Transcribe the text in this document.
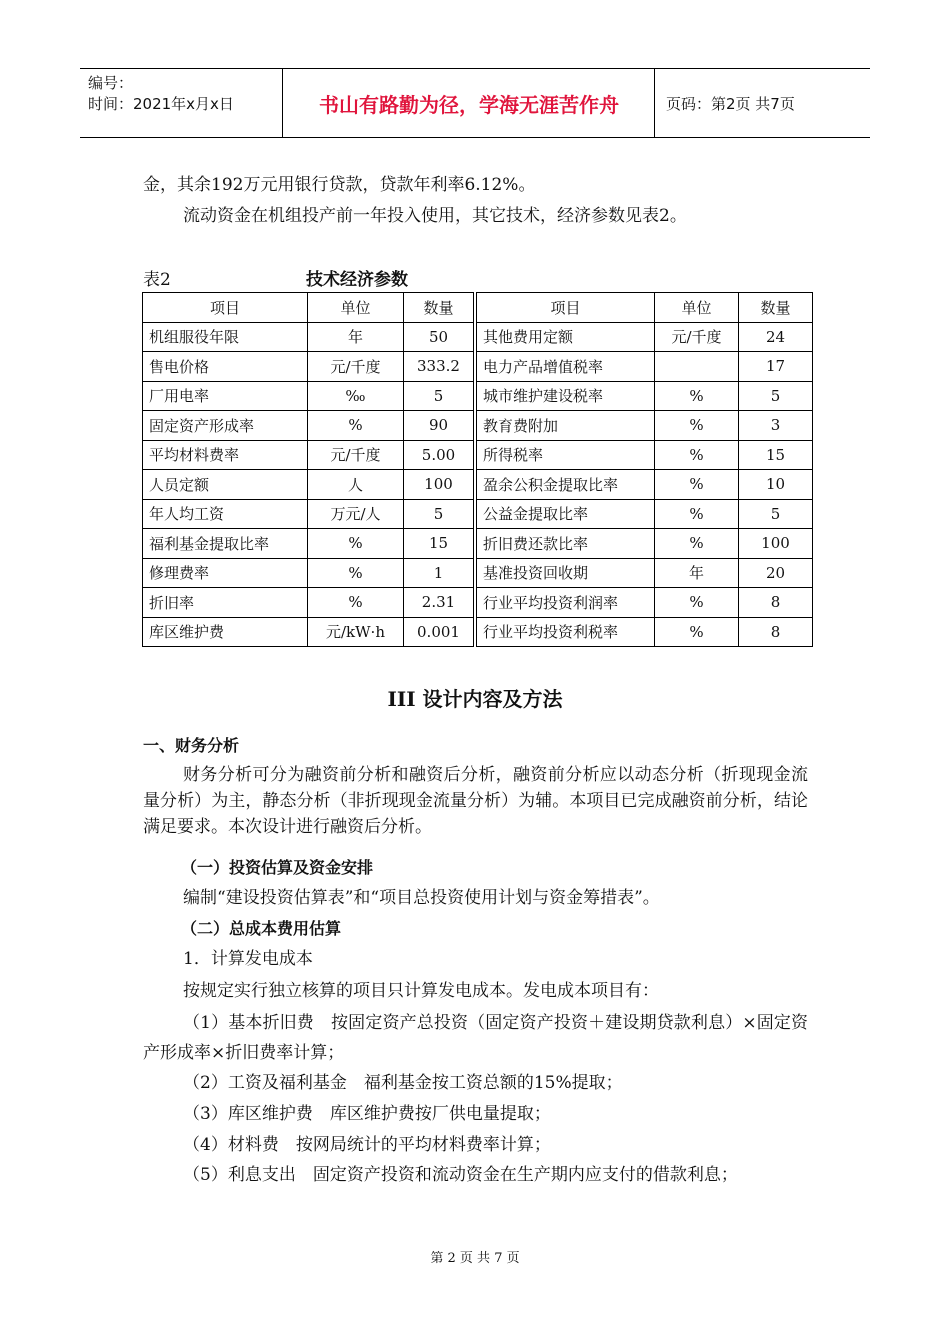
编号：
时间：2021年x月x日	书山有路勤为径，学海无涯苦作舟	页码：第2页 共7页

金，其余192万元用银行贷款，贷款年利率6.12%。

流动资金在机组投产前一年投入使用，其它技术，经济参数见表2。

表2	技术经济参数
项目	单位	数量		项目	单位	数量
机组服役年限	年	50		其他费用定额	元/千度	24
售电价格	元/千度	333.2		电力产品增值税率		17
厂用电率	‰	5		城市维护建设税率	%	5
固定资产形成率	%	90		教育费附加	%	3
平均材料费率	元/千度	5.00		所得税率	%	15
人员定额	人	100		盈余公积金提取比率	%	10
年人均工资	万元/人	5		公益金提取比率	%	5
福利基金提取比率	%	15		折旧费还款比率	%	100
修理费率	%	1		基准投资回收期	年	20
折旧率	%	2.31		行业平均投资利润率	%	8
库区维护费	元/kW·h	0.001		行业平均投资利税率	%	8
III 设计内容及方法

一、财务分析

财务分析可分为融资前分析和融资后分析，融资前分析应以动态分析（折现现金流量分析）为主，静态分析（非折现现金流量分析）为辅。本项目已完成融资前分析，结论满足要求。本次设计进行融资后分析。

（一）投资估算及资金安排

编制“建设投资估算表”和“项目总投资使用计划与资金筹措表”。

（二）总成本费用估算

1．计算发电成本

按规定实行独立核算的项目只计算发电成本。发电成本项目有：

（1）基本折旧费　按固定资产总投资（固定资产投资＋建设期贷款利息）×固定资产形成率×折旧费率计算；

（2）工资及福利基金　福利基金按工资总额的15%提取；

（3）库区维护费　库区维护费按厂供电量提取；

（4）材料费　按网局统计的平均材料费率计算；

（5）利息支出　固定资产投资和流动资金在生产期内应支付的借款利息；

第 2 页 共 7 页
